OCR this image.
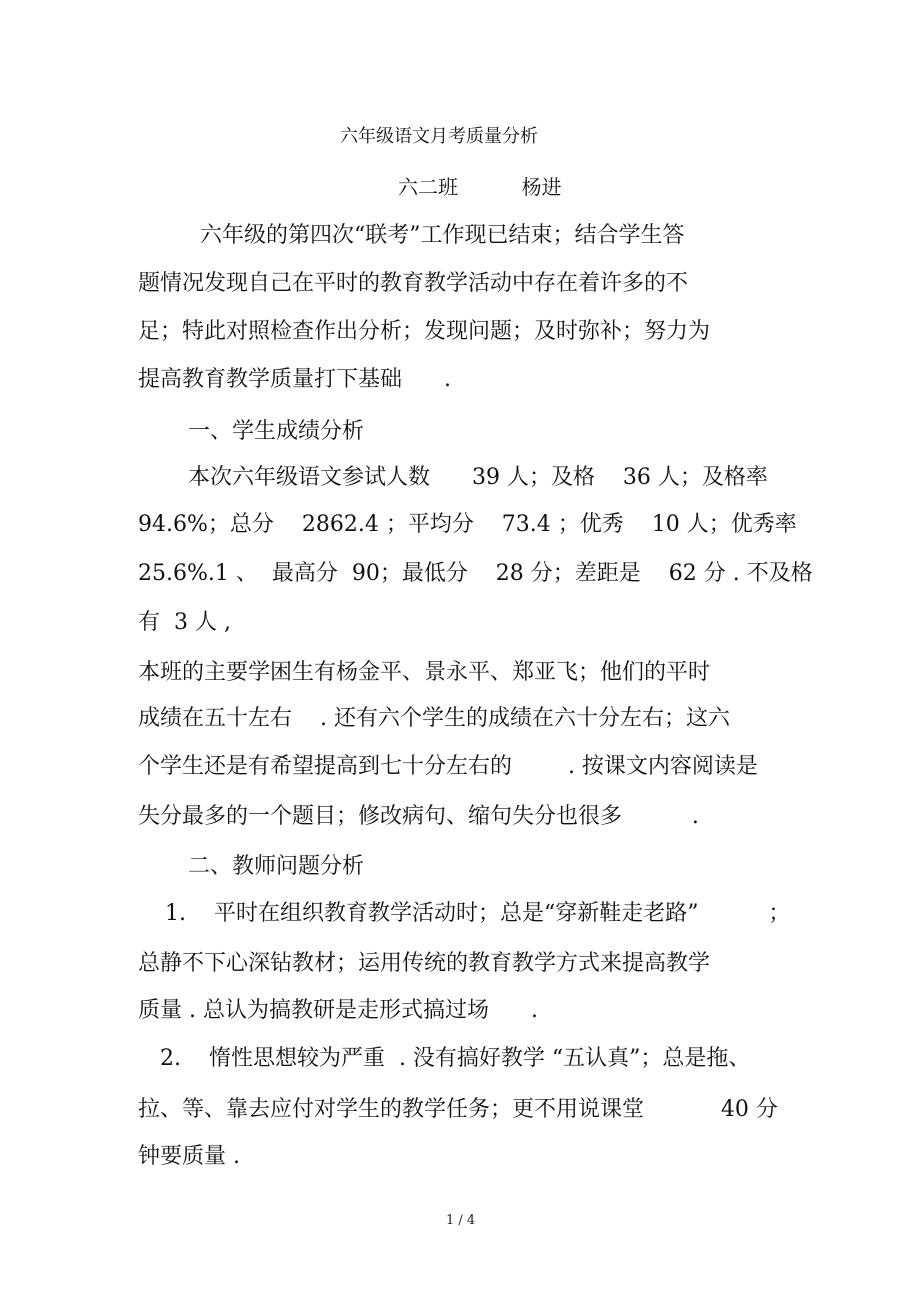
六年级语文月考质量分析
六二班          杨进
六年级的第四次“联考”工作现已结束；结合学生答
题情况发现自己在平时的教育教学活动中存在着许多的不
足；特此对照检查作出分析；发现问题；及时弥补；努力为
提高教育教学质量打下基础      .
一、学生成绩分析
本次六年级语文参试人数      39 人；及格    36 人；及格率
94.6%；总分    2862.4 ；平均分    73.4 ；优秀    10 人；优秀率
25.6%.1 、  最高分  90；最低分    28 分；差距是    62 分 . 不及格
有  3 人 ,
本班的主要学困生有杨金平、景永平、郑亚飞；他们的平时
成绩在五十左右    . 还有六个学生的成绩在六十分左右；这六
个学生还是有希望提高到七十分左右的        . 按课文内容阅读是
失分最多的一个题目；修改病句、缩句失分也很多          .
二、教师问题分析
1.    平时在组织教育教学活动时；总是“穿新鞋走老路”          ；
总静不下心深钻教材；运用传统的教育教学方式来提高教学
质量 . 总认为搞教研是走形式搞过场      .
2.    惰性思想较为严重  . 没有搞好教学 “五认真”；总是拖、
拉、等、靠去应付对学生的教学任务；更不用说课堂           40 分
钟要质量 .
1 / 4
